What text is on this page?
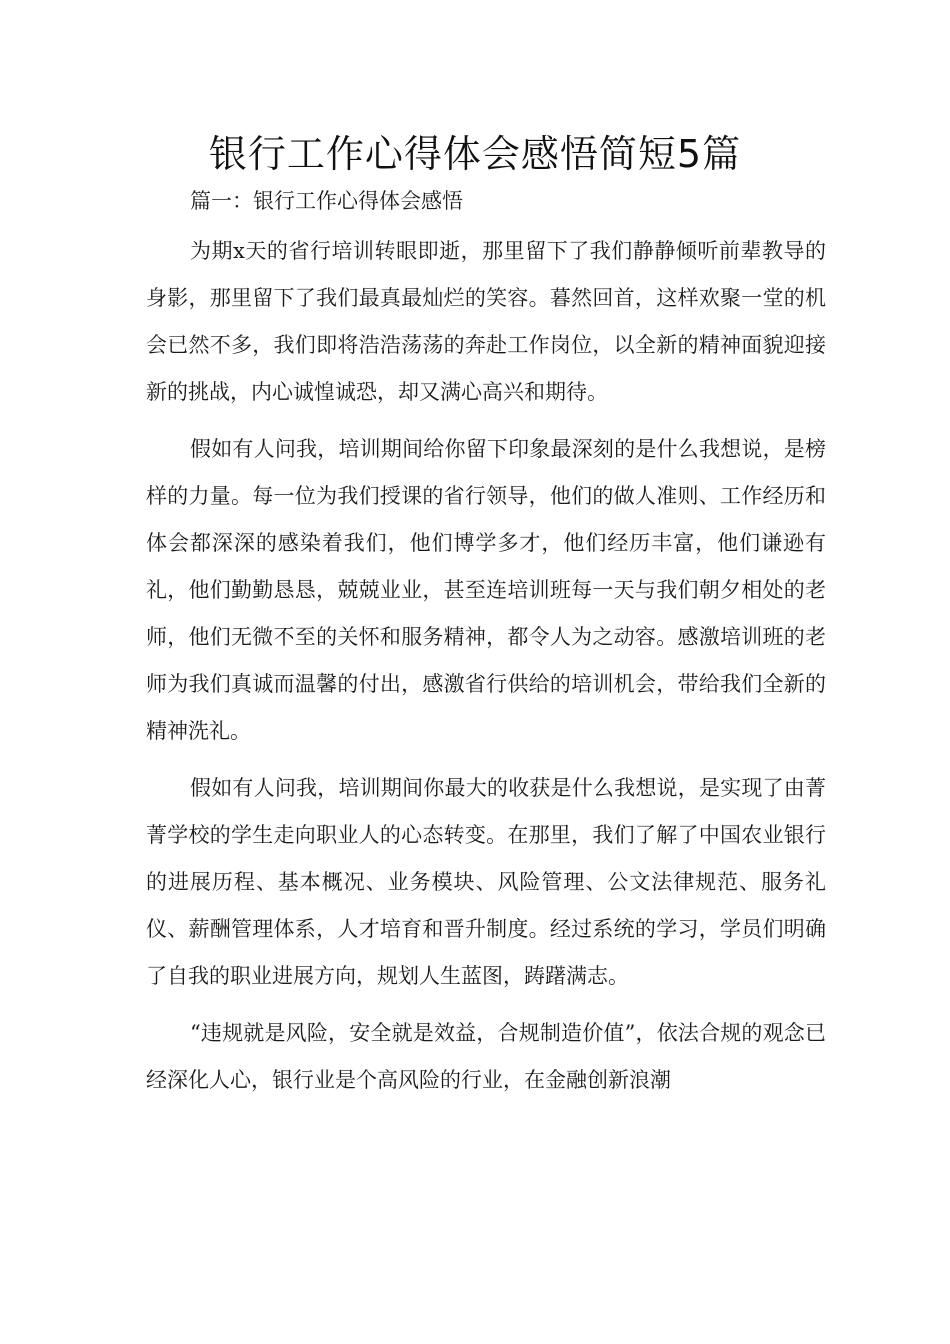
银行工作心得体会感悟简短5篇
篇一：银行工作心得体会感悟

为期x天的省行培训转眼即逝，那里留下了我们静静倾听前辈教导的身影，那里留下了我们最真最灿烂的笑容。暮然回首，这样欢聚一堂的机会已然不多，我们即将浩浩荡荡的奔赴工作岗位，以全新的精神面貌迎接新的挑战，内心诚惶诚恐，却又满心高兴和期待。

假如有人问我，培训期间给你留下印象最深刻的是什么我想说，是榜样的力量。每一位为我们授课的省行领导，他们的做人准则、工作经历和体会都深深的感染着我们，他们博学多才，他们经历丰富，他们谦逊有礼，他们勤勤恳恳，兢兢业业，甚至连培训班每一天与我们朝夕相处的老师，他们无微不至的关怀和服务精神，都令人为之动容。感激培训班的老师为我们真诚而温馨的付出，感激省行供给的培训机会，带给我们全新的精神洗礼。

假如有人问我，培训期间你最大的收获是什么我想说，是实现了由菁菁学校的学生走向职业人的心态转变。在那里，我们了解了中国农业银行的进展历程、基本概况、业务模块、风险管理、公文法律规范、服务礼仪、薪酬管理体系，人才培育和晋升制度。经过系统的学习，学员们明确了自我的职业进展方向，规划人生蓝图，踌躇满志。

“违规就是风险，安全就是效益，合规制造价值”，依法合规的观念已经深化人心，银行业是个高风险的行业，在金融创新浪潮
